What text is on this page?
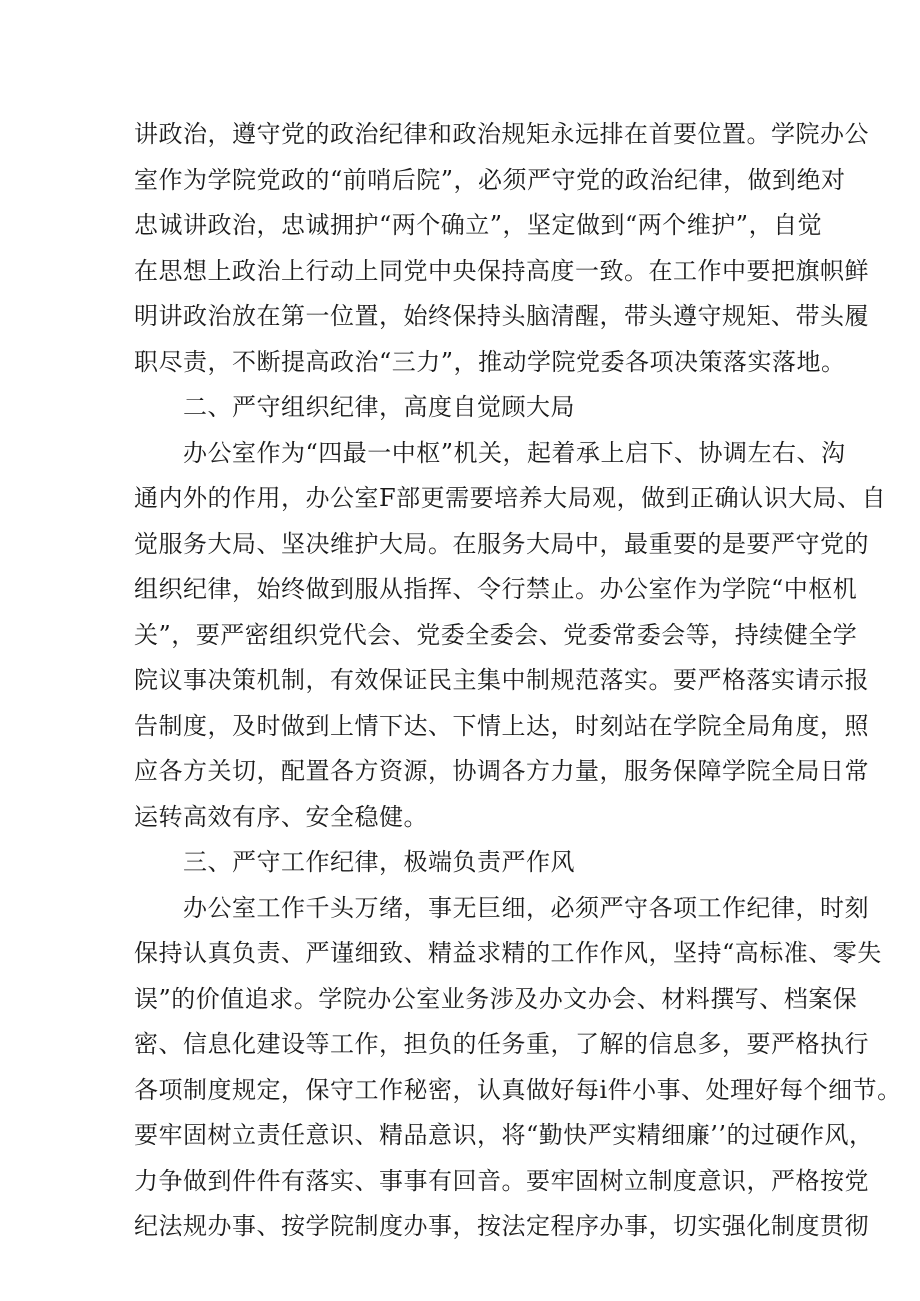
讲政治，遵守党的政治纪律和政治规矩永远排在首要位置。学院办公
室作为学院党政的“前哨后院”，必须严守党的政治纪律，做到绝对
忠诚讲政治，忠诚拥护“两个确立”，坚定做到“两个维护”，自觉
在思想上政治上行动上同党中央保持高度一致。在工作中要把旗帜鲜
明讲政治放在第一位置，始终保持头脑清醒，带头遵守规矩、带头履
职尽责，不断提高政治“三力”，推动学院党委各项决策落实落地。
　　二、严守组织纪律，高度自觉顾大局
　　办公室作为“四最一中枢”机关，起着承上启下、协调左右、沟
通内外的作用，办公室F部更需要培养大局观，做到正确认识大局、自
觉服务大局、坚决维护大局。在服务大局中，最重要的是要严守党的
组织纪律，始终做到服从指挥、令行禁止。办公室作为学院“中枢机
关”，要严密组织党代会、党委全委会、党委常委会等，持续健全学
院议事决策机制，有效保证民主集中制规范落实。要严格落实请示报
告制度，及时做到上情下达、下情上达，时刻站在学院全局角度，照
应各方关切，配置各方资源，协调各方力量，服务保障学院全局日常
运转高效有序、安全稳健。
　　三、严守工作纪律，极端负责严作风
　　办公室工作千头万绪，事无巨细，必须严守各项工作纪律，时刻
保持认真负责、严谨细致、精益求精的工作作风，坚持“高标准、零失
误”的价值追求。学院办公室业务涉及办文办会、材料撰写、档案保
密、信息化建设等工作，担负的任务重，了解的信息多，要严格执行
各项制度规定，保守工作秘密，认真做好每i件小事、处理好每个细节。
要牢固树立责任意识、精品意识，将“勤快严实精细廉’’的过硬作风，
力争做到件件有落实、事事有回音。要牢固树立制度意识，严格按党
纪法规办事、按学院制度办事，按法定程序办事，切实强化制度贯彻
